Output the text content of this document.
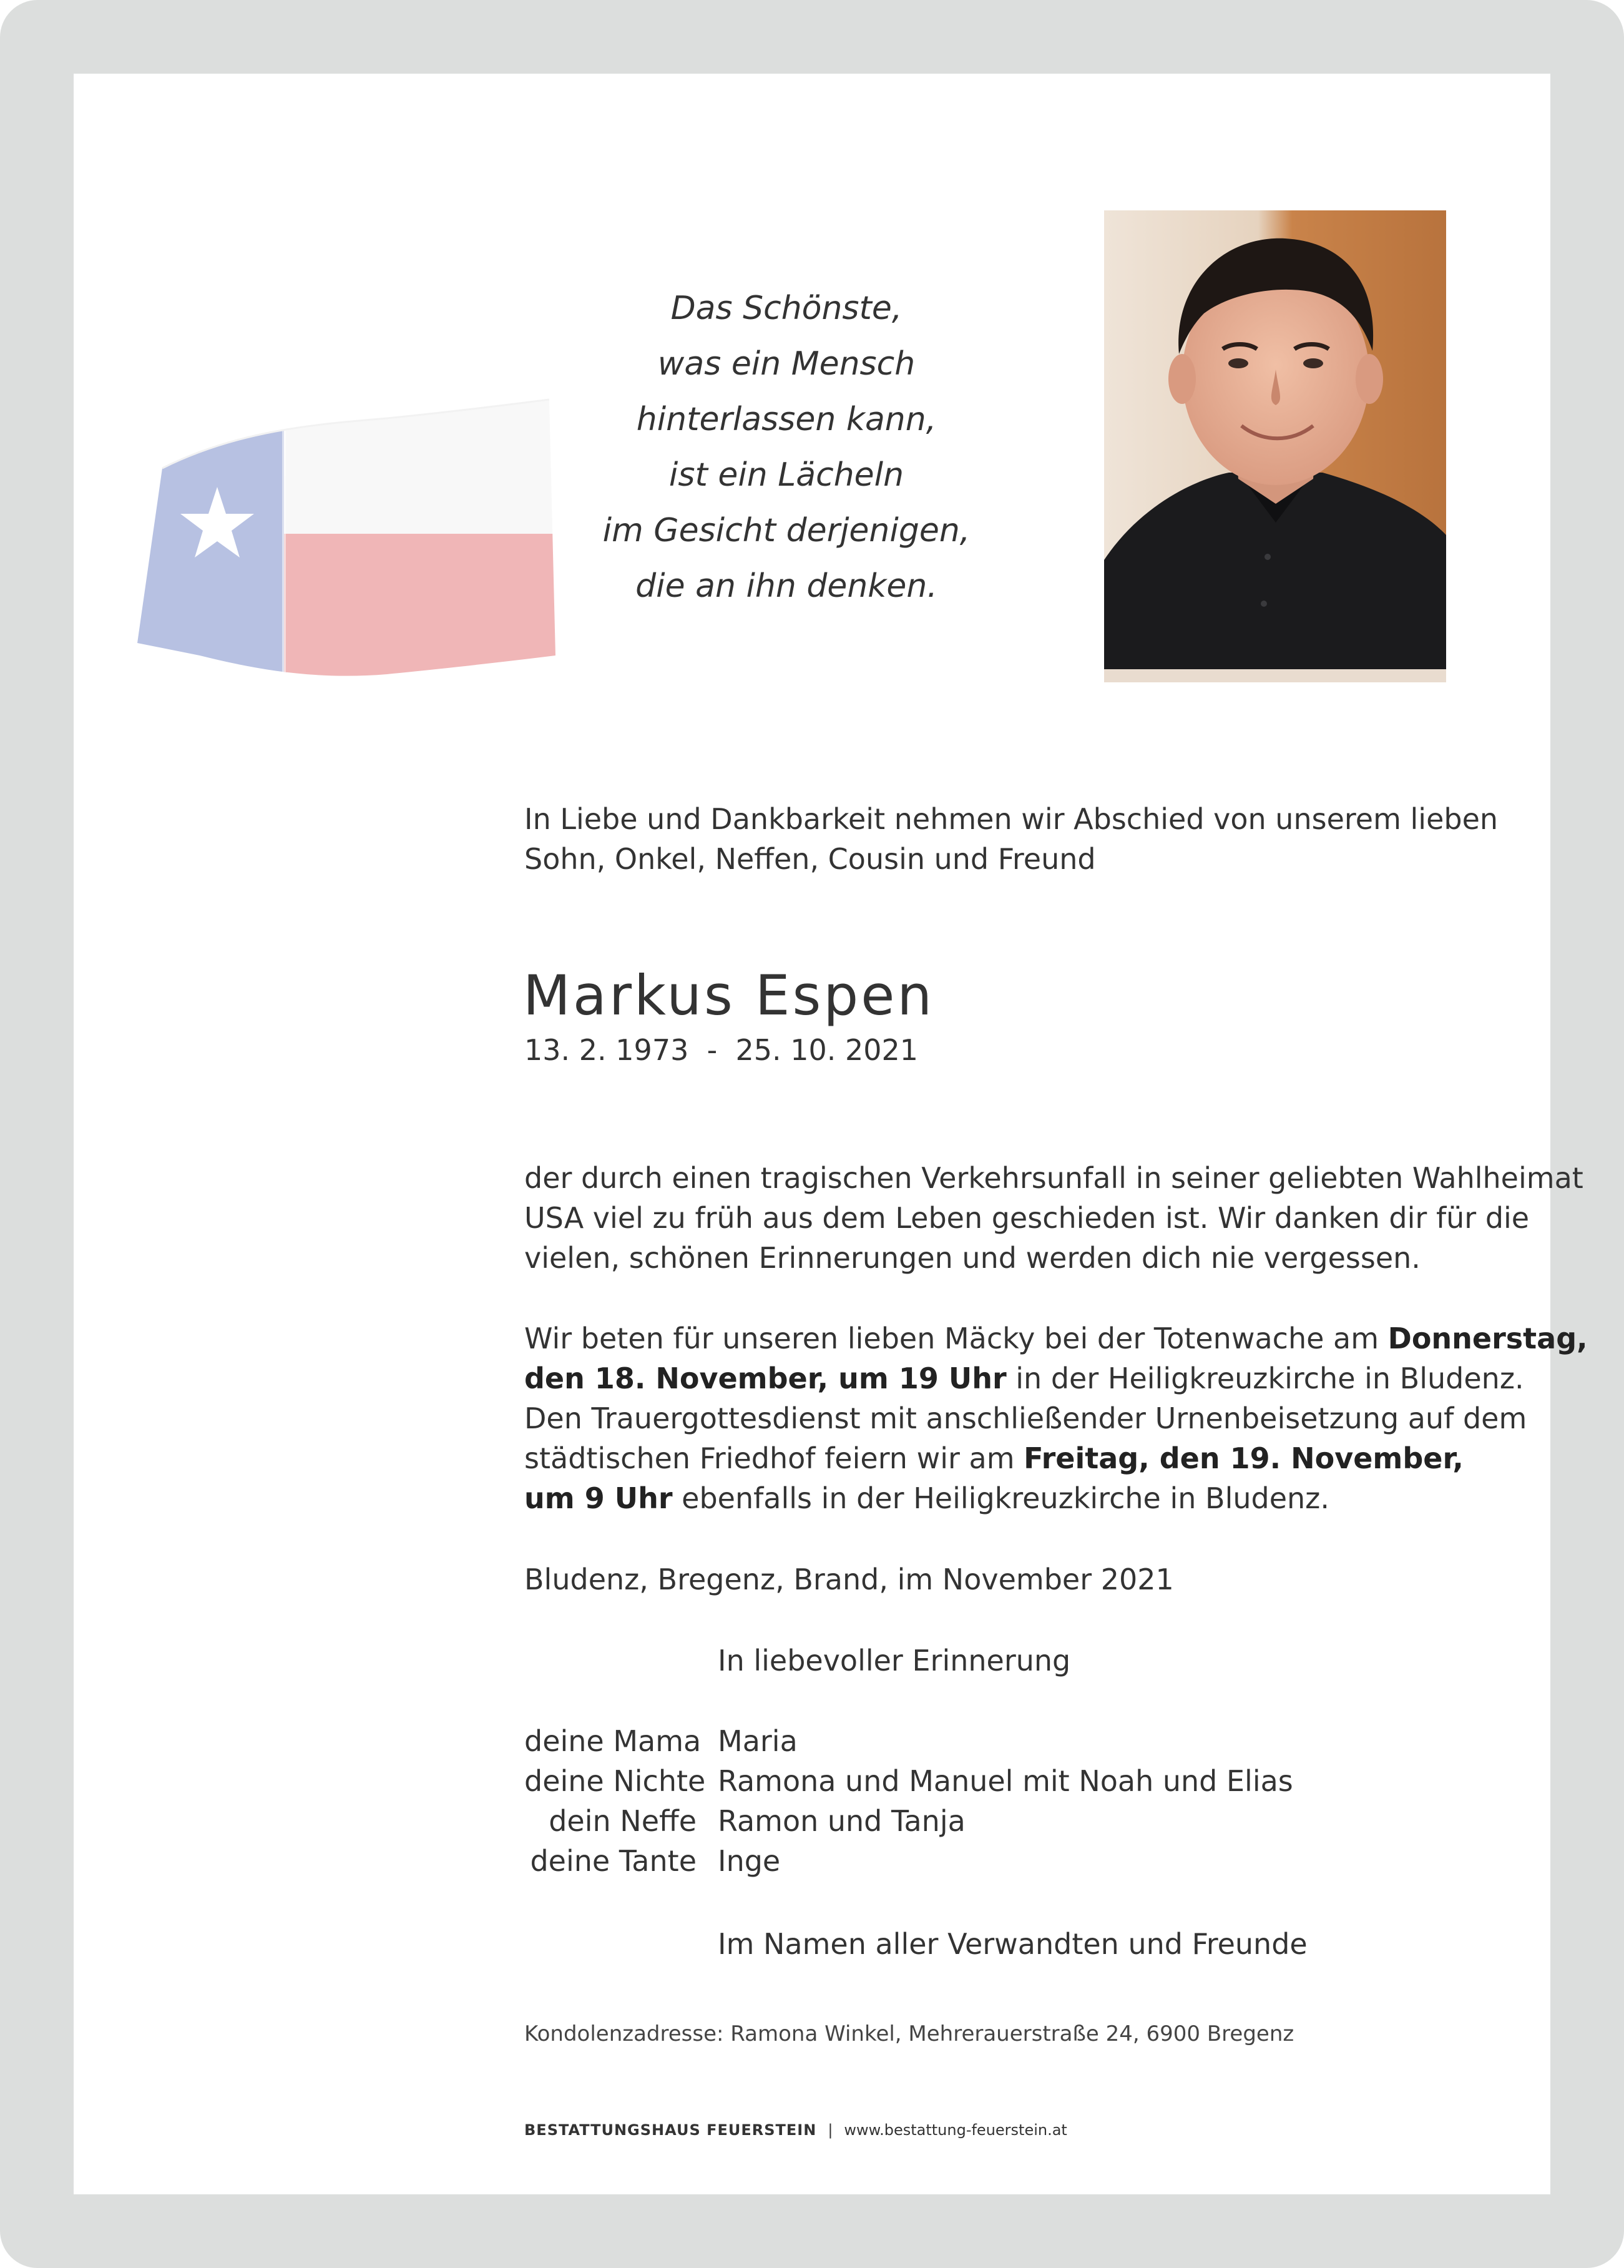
Das Schönste,
was ein Mensch
hinterlassen kann,
ist ein Lächeln
im Gesicht derjenigen,
die an ihn denken.
In Liebe und Dankbarkeit nehmen wir Abschied von unserem lieben
Sohn, Onkel, Neffen, Cousin und Freund
Markus Espen
13. 2. 1973  -  25. 10. 2021
der durch einen tragischen Verkehrsunfall in seiner geliebten Wahlheimat
USA viel zu früh aus dem Leben geschieden ist. Wir danken dir für die
vielen, schönen Erinnerungen und werden dich nie vergessen.
Wir beten für unseren lieben Mäcky bei der Totenwache am Donnerstag,
den 18. November, um 19 Uhr in der Heiligkreuzkirche in Bludenz.
Den Trauergottesdienst mit anschließender Urnenbeisetzung auf dem
städtischen Friedhof feiern wir am Freitag, den 19. November,
um 9 Uhr ebenfalls in der Heiligkreuzkirche in Bludenz.
Bludenz, Bregenz, Brand, im November 2021
In liebevoller Erinnerung
deine Mama Maria
deine Nichte Ramona und Manuel mit Noah und Elias
dein Neffe Ramon und Tanja
deine Tante Inge
Im Namen aller Verwandten und Freunde
Kondolenzadresse: Ramona Winkel, Mehrerauerstraße 24, 6900 Bregenz
BESTATTUNGSHAUS FEUERSTEIN | www.bestattung-feuerstein.at
